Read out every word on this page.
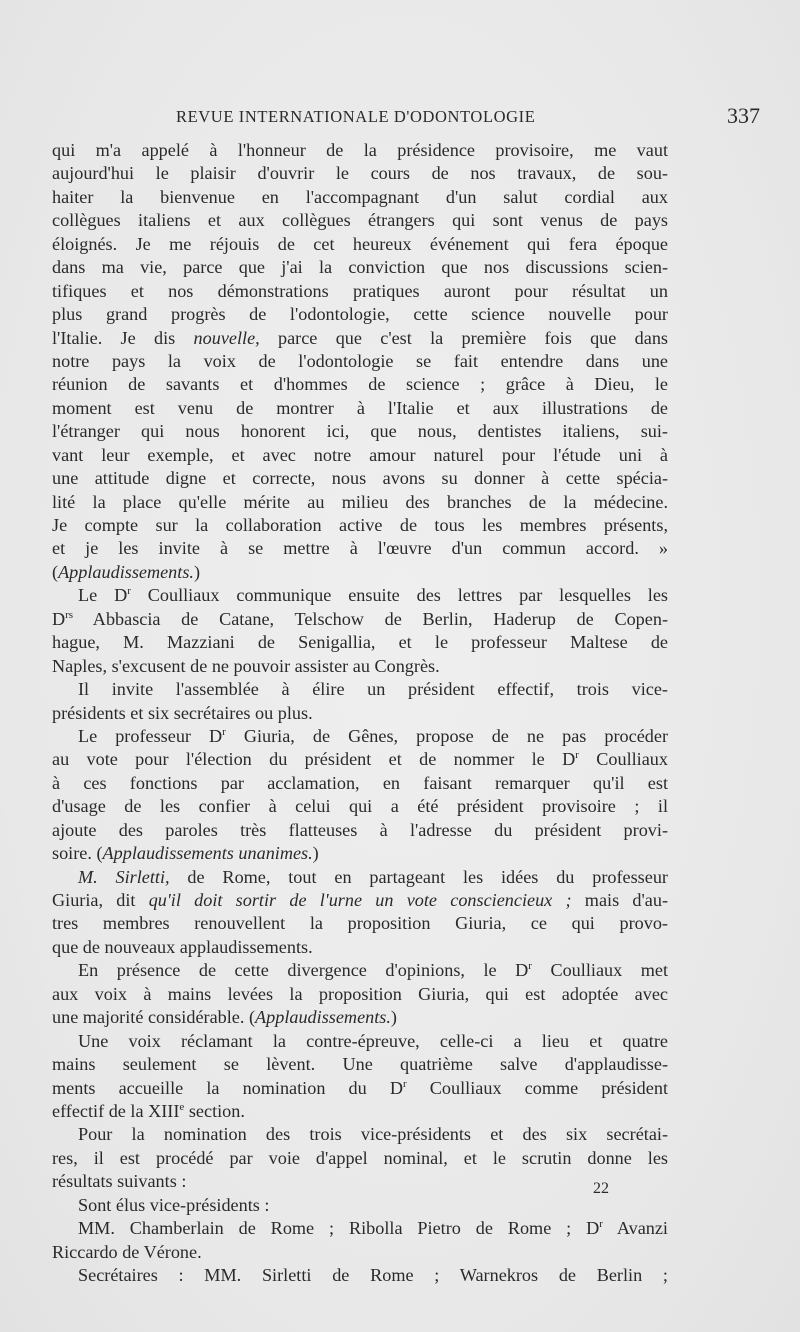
REVUE INTERNATIONALE D'ODONTOLOGIE	337
qui m'a appelé à l'honneur de la présidence provisoire, me vaut
aujourd'hui le plaisir d'ouvrir le cours de nos travaux, de sou-
haiter la bienvenue en l'accompagnant d'un salut cordial aux
collègues italiens et aux collègues étrangers qui sont venus de pays
éloignés. Je me réjouis de cet heureux événement qui fera époque
dans ma vie, parce que j'ai la conviction que nos discussions scien-
tifiques et nos démonstrations pratiques auront pour résultat un
plus grand progrès de l'odontologie, cette science nouvelle pour
l'Italie. Je dis nouvelle, parce que c'est la première fois que dans
notre pays la voix de l'odontologie se fait entendre dans une
réunion de savants et d'hommes de science ; grâce à Dieu, le
moment est venu de montrer à l'Italie et aux illustrations de
l'étranger qui nous honorent ici, que nous, dentistes italiens, sui-
vant leur exemple, et avec notre amour naturel pour l'étude uni à
une attitude digne et correcte, nous avons su donner à cette spécia-
lité la place qu'elle mérite au milieu des branches de la médecine.
Je compte sur la collaboration active de tous les membres présents,
et je les invite à se mettre à l'œuvre d'un commun accord. »
(Applaudissements.)
Le $D^r$ Coulliaux communique ensuite des lettres par lesquelles les
$D^{rs}$ Abbascia de Catane, Telschow de Berlin, Haderup de Copen-
hague, M. Mazziani de Senigallia, et le professeur Maltese de
Naples, s'excusent de ne pouvoir assister au Congrès.
Il invite l'assemblée à élire un président effectif, trois vice-
présidents et six secrétaires ou plus.
Le professeur $D^r$ Giuria, de Gênes, propose de ne pas procéder
au vote pour l'élection du président et de nommer le $D^r$ Coulliaux
à ces fonctions par acclamation, en faisant remarquer qu'il est
d'usage de les confier à celui qui a été président provisoire ; il
ajoute des paroles très flatteuses à l'adresse du président provi-
soire. (Applaudissements unanimes.)
M. Sirletti, de Rome, tout en partageant les idées du professeur
Giuria, dit qu'il doit sortir de l'urne un vote consciencieux ; mais d'au-
tres membres renouvellent la proposition Giuria, ce qui provo-
que de nouveaux applaudissements.
En présence de cette divergence d'opinions, le $D^r$ Coulliaux met
aux voix à mains levées la proposition Giuria, qui est adoptée avec
une majorité considérable. (Applaudissements.)
Une voix réclamant la contre-épreuve, celle-ci a lieu et quatre
mains seulement se lèvent. Une quatrième salve d'applaudisse-
ments accueille la nomination du $D^r$ Coulliaux comme président
effectif de la XIIIe section.
Pour la nomination des trois vice-présidents et des six secrétai-
res, il est procédé par voie d'appel nominal, et le scrutin donne les
résultats suivants :
Sont élus vice-présidents :
MM. Chamberlain de Rome ; Ribolla Pietro de Rome ; $D^r$ Avanzi
Riccardo de Vérone.
Secrétaires : MM. Sirletti de Rome ; Warnekros de Berlin ;
22
